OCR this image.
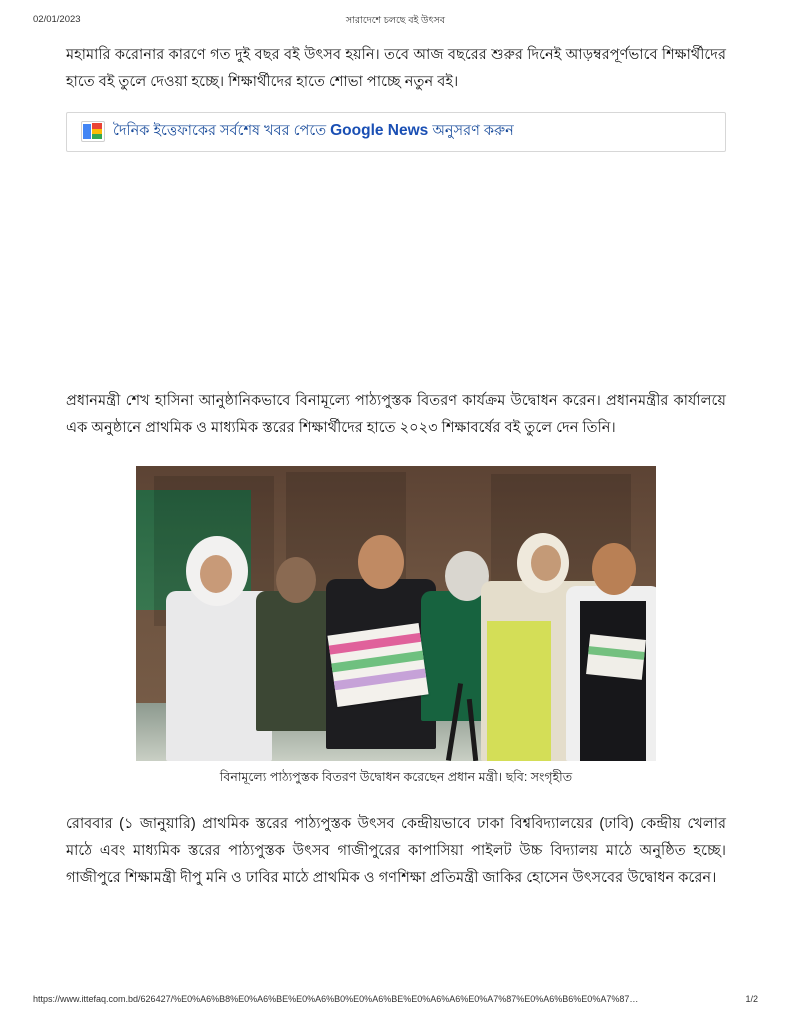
02/01/2023	সারাদেশে চলছে বই উৎসব

মহামারি করোনার কারণে গত দুই বছর বই উৎসব হয়নি। তবে আজ বছরের শুরুর দিনেই আড়ম্বরপূর্ণভাবে শিক্ষার্থীদের হাতে বই তুলে দেওয়া হচ্ছে। শিক্ষার্থীদের হাতে শোভা পাচ্ছে নতুন বই।

দৈনিক ইত্তেফাকের সর্বশেষ খবর পেতে Google News অনুসরণ করুন

প্রধানমন্ত্রী শেখ হাসিনা আনুষ্ঠানিকভাবে বিনামূল্যে পাঠ্যপুস্তক বিতরণ কার্যক্রম উদ্বোধন করেন। প্রধানমন্ত্রীর কার্যালয়ে এক অনুষ্ঠানে প্রাথমিক ও মাধ্যমিক স্তরের শিক্ষার্থীদের হাতে ২০২৩ শিক্ষাবর্ষের বই তুলে দেন তিনি।

বিনামূল্যে পাঠ্যপুস্তক বিতরণ উদ্বোধন করেছেন প্রধান মন্ত্রী। ছবি: সংগৃহীত

রোববার (১ জানুয়ারি) প্রাথমিক স্তরের পাঠ্যপুস্তক উৎসব কেন্দ্রীয়ভাবে ঢাকা বিশ্ববিদ্যালয়ের (ঢাবি) কেন্দ্রীয় খেলার মাঠে এবং মাধ্যমিক স্তরের পাঠ্যপুস্তক উৎসব গাজীপুরের কাপাসিয়া পাইলট উচ্চ বিদ্যালয় মাঠে অনুষ্ঠিত হচ্ছে। গাজীপুরে শিক্ষামন্ত্রী দীপু মনি ও ঢাবির মাঠে প্রাথমিক ও গণশিক্ষা প্রতিমন্ত্রী জাকির হোসেন উৎসবের উদ্বোধন করেন।

https://www.ittefaq.com.bd/626427/%E0%A6%B8%E0%A6%BE%E0%A6%B0%E0%A6%BE%E0%A6%A6%E0%A7%87%E0%A6%B6%E0%A7%87…	1/2
